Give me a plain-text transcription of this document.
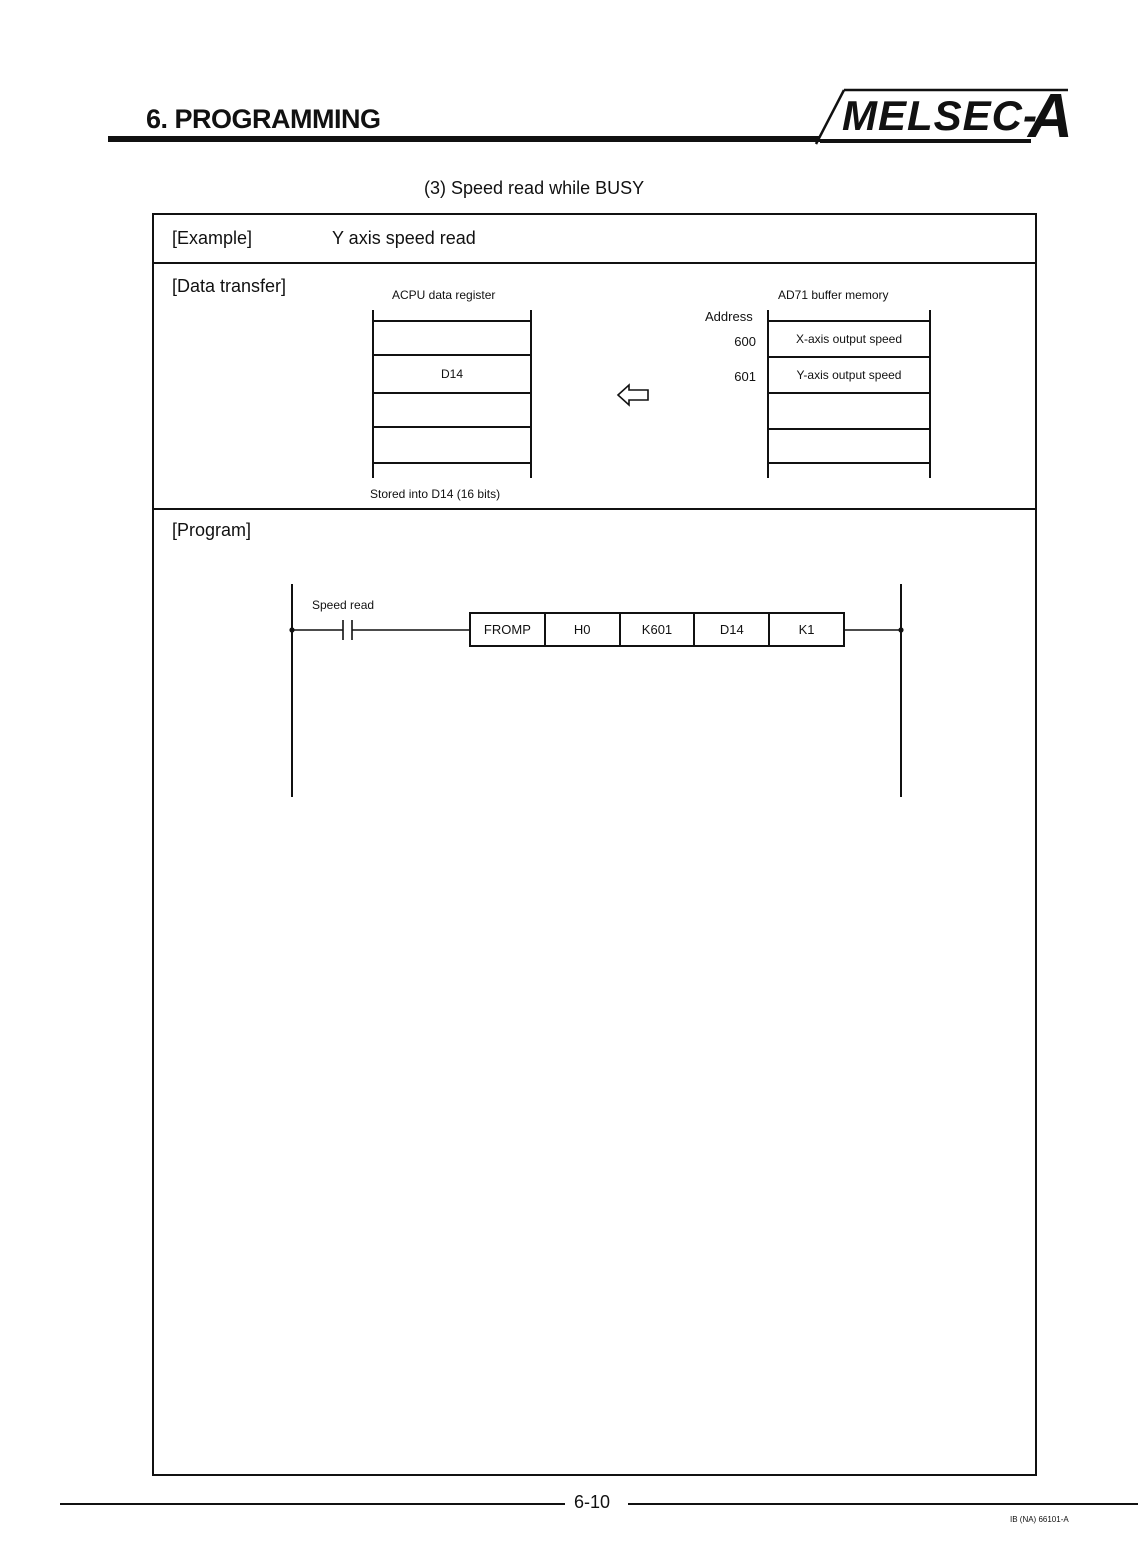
6. PROGRAMMING	MELSEC-
A
(3) Speed read while BUSY
[Example]	Y axis speed read
[Data transfer]	ACPU data register
D14
Stored into D14 (16 bits)
AD71 buffer memory
Address
600
601
X-axis output speed
Y-axis output speed
[Program]
Speed read
FROMP	H0	K601	D14	K1
6-10
IB (NA) 66101-A
